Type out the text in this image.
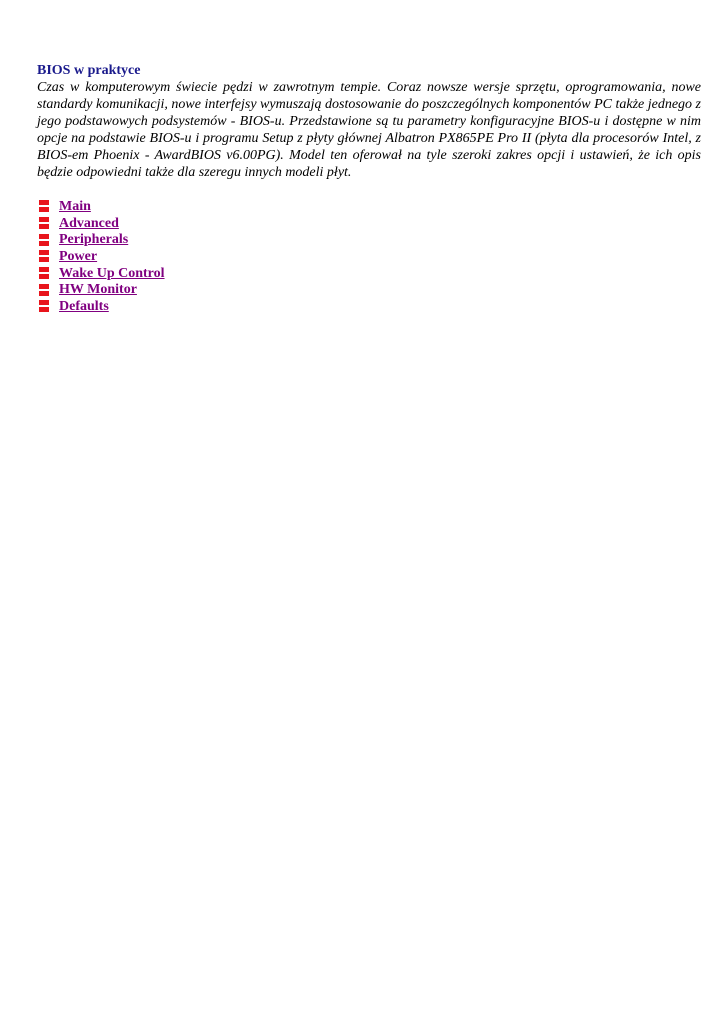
BIOS w praktyce

Czas w komputerowym świecie pędzi w zawrotnym tempie. Coraz nowsze wersje sprzętu, oprogramowania, nowe standardy komunikacji, nowe interfejsy wymuszają dostosowanie do poszczególnych komponentów PC także jednego z jego podstawowych podsystemów - BIOS-u. Przedstawione są tu parametry konfiguracyjne BIOS-u i dostępne w nim opcje na podstawie BIOS-u i programu Setup z płyty głównej Albatron PX865PE Pro II (płyta dla procesorów Intel, z BIOS-em Phoenix - AwardBIOS v6.00PG). Model ten oferował na tyle szeroki zakres opcji i ustawień, że ich opis będzie odpowiedni także dla szeregu innych modeli płyt.

Main
Advanced
Peripherals
Power
Wake Up Control
HW Monitor
Defaults
